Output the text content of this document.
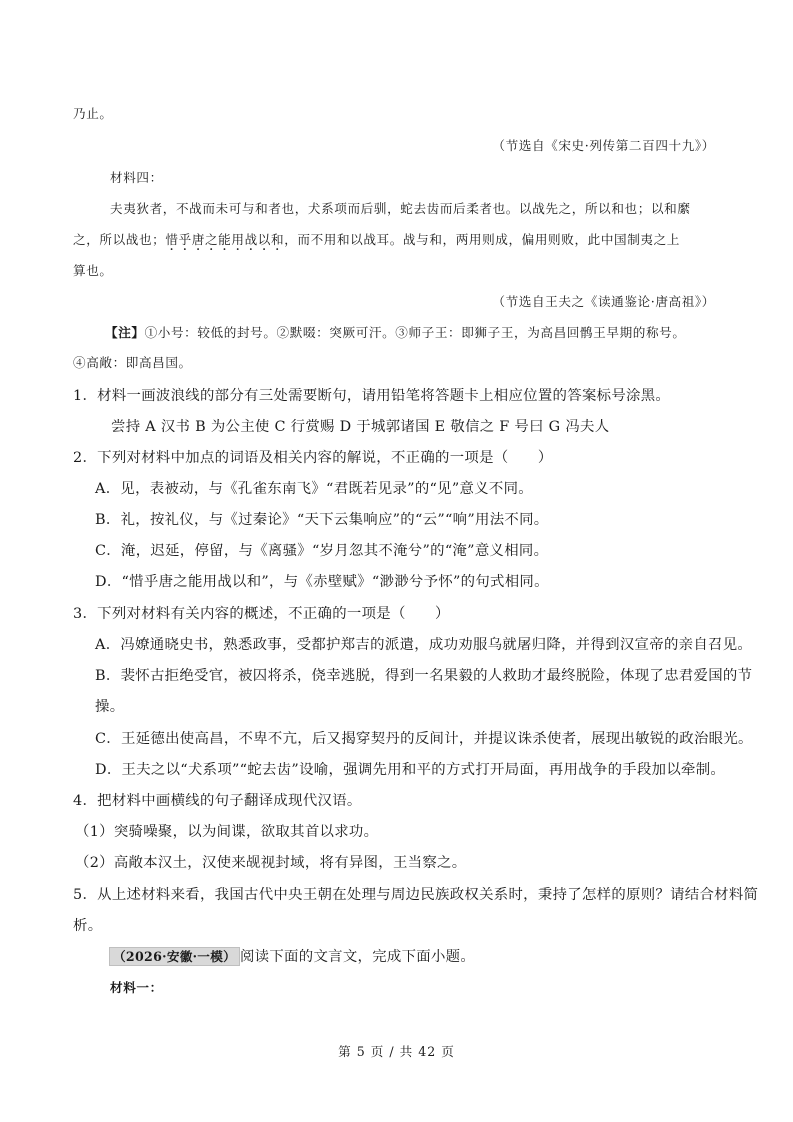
乃止。
（节选自《宋史·列传第二百四十九》）
材料四：
夫夷狄者，不战而未可与和者也，犬系项而后驯，蛇去齿而后柔者也。以战先之，所以和也；以和縻
之，所以战也；惜乎唐之能用战以和，而不用和以战耳。战与和，两用则成，偏用则败，此中国制夷之上
算也。
（节选自王夫之《读通鉴论·唐高祖》）
【注】①小号：较低的封号。②默啜：突厥可汗。③师子王：即狮子王，为高昌回鹘王早期的称号。
④高敞：即高昌国。
1．材料一画波浪线的部分有三处需要断句，请用铅笔将答题卡上相应位置的答案标号涂黑。
尝持 A 汉书 B 为公主使 C 行赏赐 D 于城郭诸国 E 敬信之 F 号曰 G 冯夫人
2．下列对材料中加点的词语及相关内容的解说，不正确的一项是（　　）
A．见，表被动，与《孔雀东南飞》“君既若见录”的“见”意义不同。
B．礼，按礼仪，与《过秦论》“天下云集响应”的“云”“响”用法不同。
C．淹，迟延，停留，与《离骚》“岁月忽其不淹兮”的“淹”意义相同。
D．“惜乎唐之能用战以和”，与《赤壁赋》“渺渺兮予怀”的句式相同。
3．下列对材料有关内容的概述，不正确的一项是（　　）
A．冯嫽通晓史书，熟悉政事，受都护郑吉的派遣，成功劝服乌就屠归降，并得到汉宣帝的亲自召见。
B．裴怀古拒绝受官，被囚将杀，侥幸逃脱，得到一名果毅的人救助才最终脱险，体现了忠君爱国的节
操。
C．王延德出使高昌，不卑不亢，后又揭穿契丹的反间计，并提议诛杀使者，展现出敏锐的政治眼光。
D．王夫之以“犬系项”“蛇去齿”设喻，强调先用和平的方式打开局面，再用战争的手段加以牵制。
4．把材料中画横线的句子翻译成现代汉语。
（1）突骑噪聚，以为间谍，欲取其首以求功。
（2）高敞本汉土，汉使来觇视封域，将有异图，王当察之。
5．从上述材料来看，我国古代中央王朝在处理与周边民族政权关系时，秉持了怎样的原则？请结合材料简
析。
（2026·安徽·一模） 阅读下面的文言文，完成下面小题。
材料一：
第 5 页 / 共 42 页
